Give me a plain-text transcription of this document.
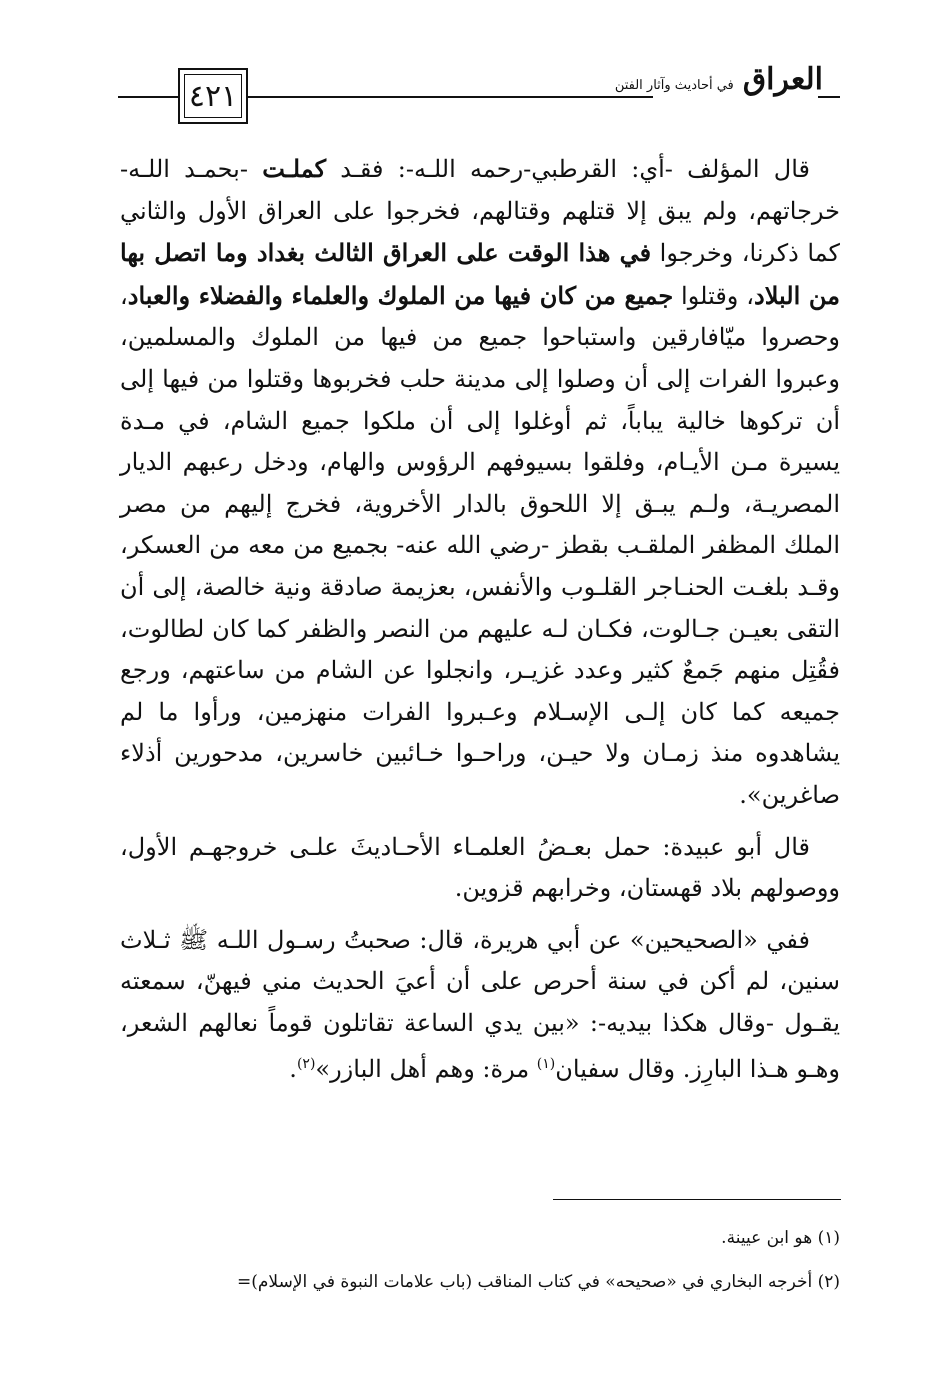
٤٢١	العراق في أحاديث وآثار الفتن

قال المؤلف -أي: القرطبي-رحمه اللـه-: فقـد كملـت -بحمـد اللـه- خرجاتهم، ولم يبق إلا قتلهم وقتالهم، فخرجوا على العراق الأول والثاني كما ذكرنا، وخرجوا في هذا الوقت على العراق الثالث بغداد وما اتصل بها من البلاد، وقتلوا جميع من كان فيها من الملوك والعلماء والفضلاء والعباد، وحصروا ميّافارقين واستباحوا جميع من فيها من الملوك والمسلمين، وعبروا الفرات إلى أن وصلوا إلى مدينة حلب فخربوها وقتلوا من فيها إلى أن تركوها خالية يباباً، ثم أوغلوا إلى أن ملكوا جميع الشام، في مـدة يسيرة مـن الأيـام، وفلقوا بسيوفهم الرؤوس والهام، ودخل رعبهم الديار المصريـة، ولـم يبـق إلا اللحوق بالدار الأخروية، فخرج إليهم من مصر الملك المظفر الملقـب بقطز -رضي الله عنه- بجميع من معه من العسكر، وقـد بلغـت الحنـاجر القلـوب والأنفس، بعزيمة صادقة ونية خالصة، إلى أن التقى بعيـن جـالوت، فكـان لـه عليهم من النصر والظفر كما كان لطالوت، فقُتِل منهم جَمعٌ كثير وعدد غزيـر، وانجلوا عن الشام من ساعتهم، ورجع جميعه كما كان إلـى الإسـلام وعـبروا الفرات منهزمين، ورأوا ما لم يشاهدوه منذ زمـان ولا حيـن، وراحـوا خـائبين خاسرين، مدحورين أذلاء صاغرين».

قال أبو عبيدة: حمل بعـضُ العلمـاء الأحـاديثَ علـى خروجهـم الأول، ووصولهم بلاد قهستان، وخرابهم قزوين.

ففي «الصحيحين» عن أبي هريرة، قال: صحبتُ رسـول اللـه ﷺ ثـلاث سنين، لم أكن في سنة أحرص على أن أعيَ الحديث مني فيهنّ، سمعته يقـول -وقال هكذا بيديه-: «بين يدي الساعة تقاتلون قوماً نعالهم الشعر، وهـو هـذا البارِز. وقال سفيان$^{(١)}$ مرة: وهم أهل البازر»$^{(٢)}$.

(١) هو ابن عيينة.

(٢) أخرجه البخاري في «صحيحه» في كتاب المناقب (باب علامات النبوة في الإسلام)=
